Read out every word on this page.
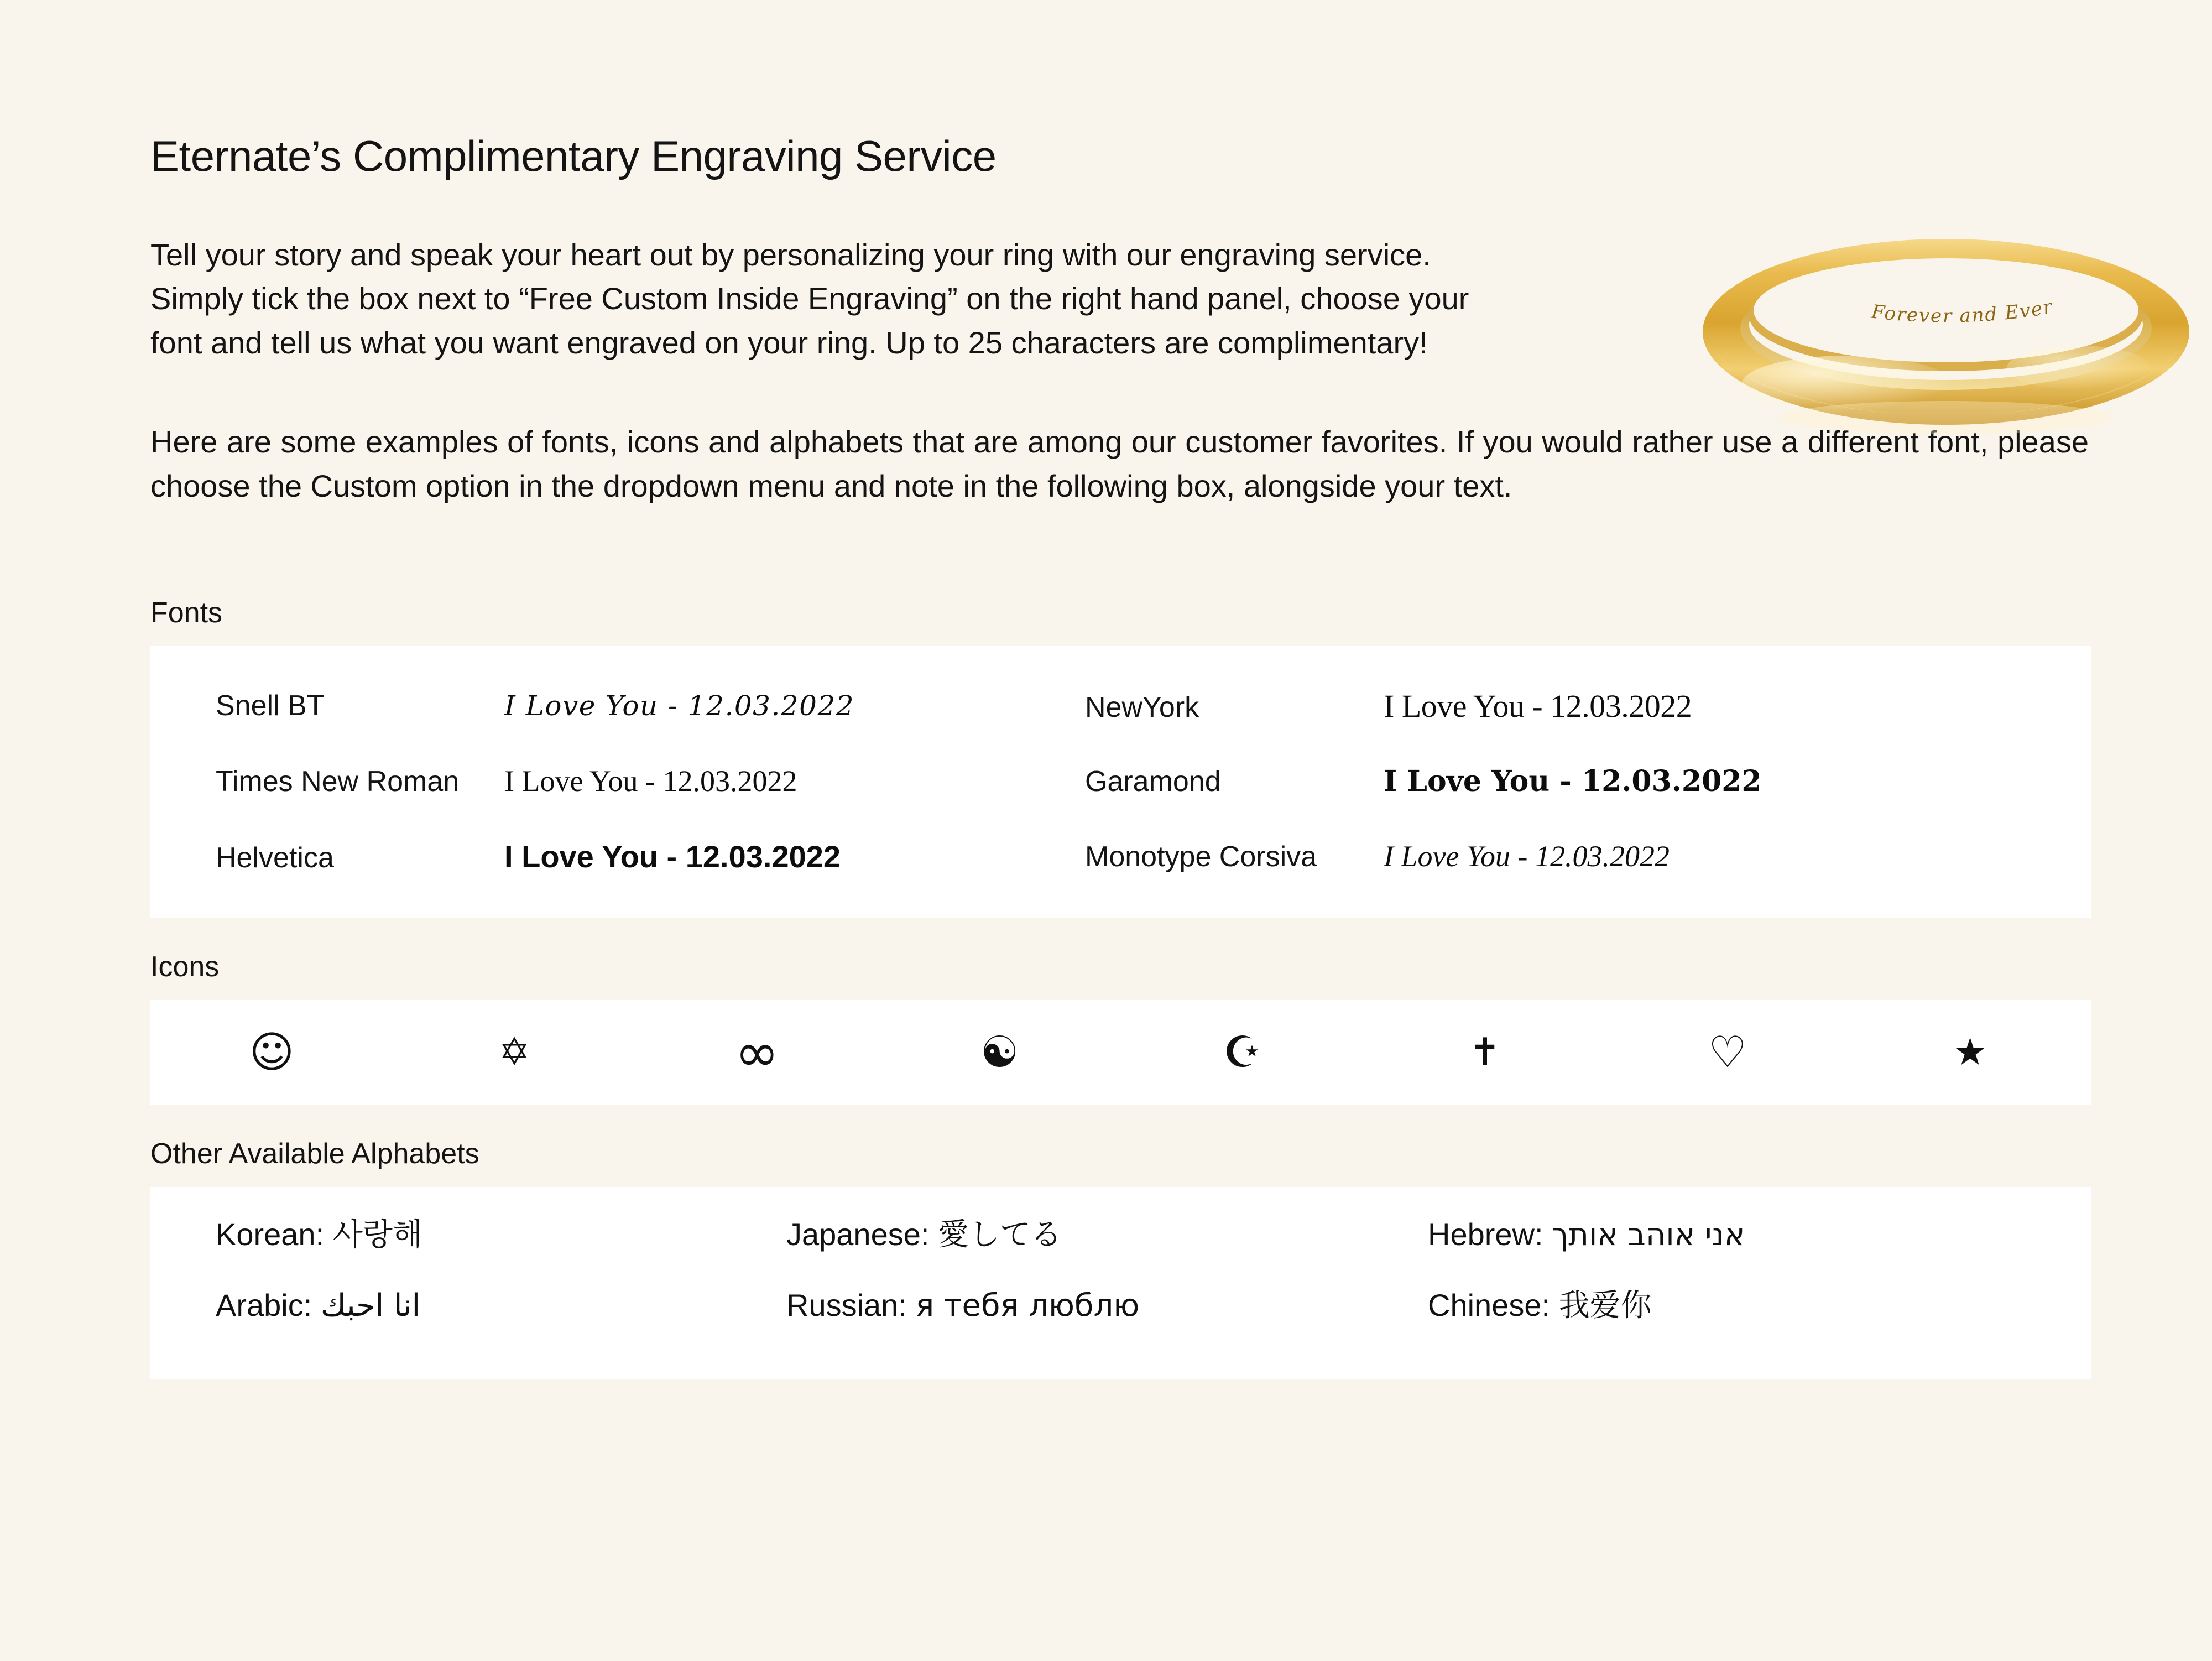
Eternate’s Complimentary Engraving Service

Tell your story and speak your heart out by personalizing your ring with our engraving service. Simply tick the box next to “Free Custom Inside Engraving” on the right hand panel, choose your font and tell us what you want engraved on your ring. Up to 25 characters are complimentary!

Here are some examples of fonts, icons and alphabets that are among our customer favorites. If you would rather use a different font, please choose the Custom option in the dropdown menu and note in the following box, alongside your text.

Fonts
Snell BT	I Love You - 12.03.2022	NewYork	I Love You - 12.03.2022
Times New Roman	I Love You - 12.03.2022	Garamond	I Love You - 12.03.2022
Helvetica	I Love You - 12.03.2022	Monotype Corsiva	I Love You - 12.03.2022
Icons
☺	✡	∞	☯	☪	✝	♡	★
Other Available Alphabets
Korean: 사랑해	Japanese: 愛してる	Hebrew: אני אוהב אותך
Arabic: انا احبك	Russian: я тебя люблю	Chinese: 我爱你
Forever and Ever
